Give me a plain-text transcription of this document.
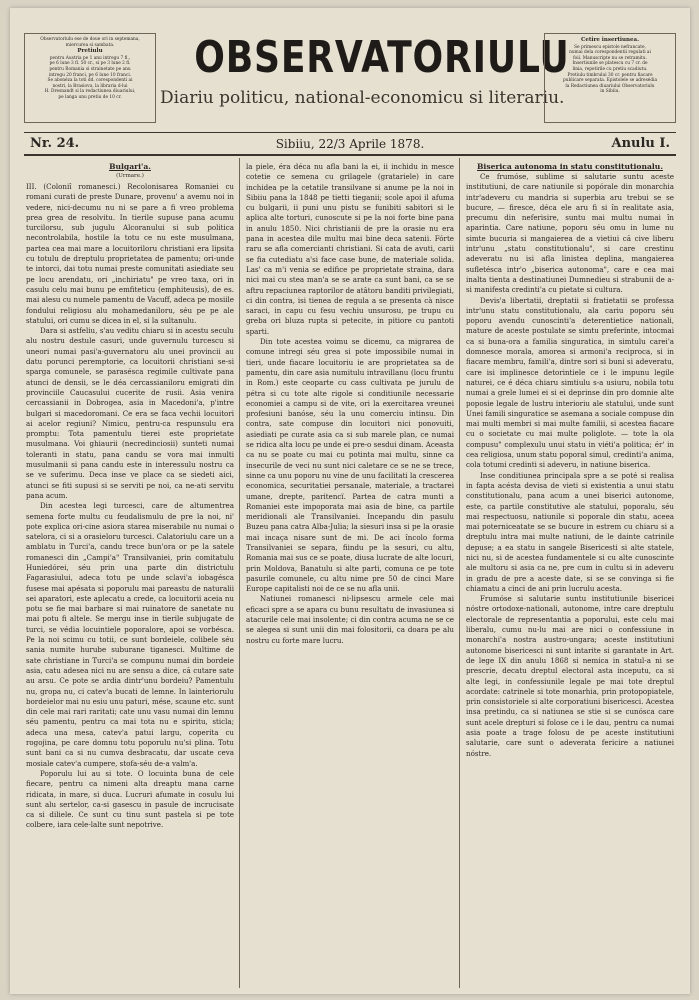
Observatoriulu ese de doue ori in septemana, miercurea si sambata.
Pretiulu
pentru Austria pe 1 anu intregu 7 fl.,
pe 6 lune 3 fl. 50 cr., si pe 3 lune 2 fl.
pentru Romania si strainetate pe anu
intregu 20 franci, pe 6 lune 10 franci.
Se abonéza la toti dd. corespondenti ai
nostri, la Brasiovu, la libraria d-lui
H. Dresnandt si la redactiunea diuariului,
pe langa unu pretiu de 10 cr.
OBSERVATORIULU
Diariu politicu, national-economicu si literariu.
Cetire insertiunea.
Se primescu epistole nefrancate,
numai dela corespondentii regulati ai
foii. Manuscripte nu se retramitu.
Insertiunile se platescu cu 7 cr. de
linia, repetirile cu pretiu scadiutu.
Pretiulu timbrului 30 cr. pentru fiacare
publicare separata. Epistolele se adresédia
la Redactiunea diuariului Observatoriulu
in Sibiiu.
Nr. 24.	Sibiiu, 22/3 Aprile 1878.	Anulu I.
Bulgari'a.
(Urmare.)

III. (Coloniî romanesci.) Recolonisarea Romaniei cu romani curati de preste Dunare, provenu' a avemu noi in vedere, nici-decumu nu ni se pare a fi vreo problema prea grea de resolvitu. In tierile supuse pana acumu turcilorsu, sub jugulu Alcoranului si sub politica necontrolabila, hostile la totu ce nu este musulmana, partea cea mai mare a locuitoriloru christiani era lipsita cu totulu de dreptulu proprietatea de pamentu; ori-unde te intorci, dai totu numai preste comunitati asiediate seu pe locu arendatu, ori „inchiriatu" pe vreo taxa, ori in casulu celu mai bunu pe emfiteticu (emphiteusis), de es. mai alesu cu numele pamentu de Vacuff, adeca pe mosiile fondului religiosu alu mohamedaniloru, séu pe pe ale statului, ori cumu se dicea in el, si la sultanulu.

Dara si astfeliu, s'au veditu chiaru si in acestu seculu alu nostru destule casuri, unde guvernulu turcescu si uneori numai pasi'a-guvernatoru alu unei provincii au datu porunci peremptorie, ca locuitorii christiani se-si sparga comunele, se parasésca regimile cultivate pana atunci de densii, se le déa cercassianiloru emigrati din provinciile Caucasului cucerite de rusii. Asia venira cercassianii in Dobrogea, asia in Macedoni'a, p'intre bulgari si macedoromani. Ce era se faca vechii locuitori ai acelor regiuni? Nimicu, pentru-ca respunsulu era promptu: Tota pamentulu tierei este proprietate musulmana. Voi ghiaurii (necredinciosii) sunteti numai toleranti in statu, pana candu se vora mai inmulti musulmanii si pana candu este in interessulu nostru ca se ve suferimu. Deca inse ve place ca se siedeti aici, atunci se fiti supusi si se serviti pe noi, ca ne-ati servitu pana acum.

Din acestea legi turcesci, care de altumentrea semena forte multu cu feudalismulu de pre la noi, ni' pote explica ori-cine asiora starea miserabile nu numai o satelora, ci si a orasieloru turcesci. Calatoriulu care un a amblatu in Turci'a, candu trece bun'ora or pe la satele romanesci din „Campi'a" Transilvaniei, prin comitatulu Huniedórei, séu prin una parte din districtulu Fagarasiului, adeca totu pe unde sclavi'a iobagésca fusese mai apésata si poporulu mai pareastu de naturalii sei aparatori, este aplecatu a crede, ca locuitorii aceia nu potu se fie mai barbare si mai ruinatore de sanetate nu mai potu fi altele. Se mergu inse in tierile subjugate de turci, se védia locuintiele poporalore, apoi se vorbésca. Pe la noi scimu cu totii, ce sunt bordeiele, colibele séu sania numite hurube suburane tiganesci. Multime de sate christiane in Turci'a se compunu numai din bordeie asia, catu adesea nici nu are sensu a dice, că cutare sate au arsu. Ce pote se ardia dintr'unu bordeiu? Pamentulu nu, gropa nu, ci catev'a bucati de lemne. In lainteriorulu bordeielor mai nu esiu unu paturi, mése, scaune etc. sunt din cele mai rari raritati; cate unu vasu numai din lemnu séu pamentu, pentru ca mai tota nu e spiritu, sticla; adeca una mesa, catev'a patui largu, coperita cu rogojina, pe care domnu totu poporulu nu'si plina. Totu sunt bani ca si nu cumva desbracatu, dar uscate ceva mosiale catev'a cumpere, stofa-séu de-a valm'a.

Poporulu lui au si tote. O locuinta buna de cele fiecare, pentru ca nimeni alta dreaptu mana carne ridicata, in mare, si duca. Lucruri afumate in cosulu lui sunt alu sertelor, ca-si gasescu in pasule de incrucisate ca si diliele. Ce sunt cu tinu sunt pastela si pe tote colbere, iara cele-lalte sunt nepotrive.

la piele, éra déca nu afla bani la ei, ii inchidu in mesce cotetie ce semena cu grilagele (gratariele) in care inchidea pe la cetatile transilvane si anume pe la noi in Sibiiu pana la 1848 pe tietti tieganii; scole apoi il afuma cu bulgarii, ii puni unu pistu se funibiti sabitori si le aplica alte torturi, cunoscute si pe la noi forte bine pana in anulu 1850. Nici christianii de pre la orasie nu era pana in acestea dile multu mai bine deca satenii. Fórte raru se afla comercianti christiani. Si cata de avuti, carii se fia cutediatu a'si face case bune, de materiale solida. Las' ca m'i venia se edifice pe proprietate straina, dara nici mai cu stea man'a se se arate ca sunt bani, ca se se aftru repaciunea raptorilor de atâtoru banditi privilegiati, ci din contra, isi tienea de regula a se presenta cà nisce saraci, in capu cu fesu vechiu unsurosu, pe trupu cu greba ori bluza rupta si petecite, in pitiore cu pantoti sparti.

Din tote acestea voimu se dicemu, ca migrarea de comune intregi séu grea si pote impossibile numai in tieri, unde fiacare locuitoriu ie are proprietatea sa de pamentu, din care asia numitulu intravillanu (locu fruntu in Rom.) este ceoparte cu cass cultivata pe jurulu de pétra si cu tote alte rigole si conditiunile necessarie economiei a campu si de vite, ori la exercitarea vreunei profesiuni banóse, séu la unu comerciu intinsu. Din contra, sate compuse din locuitori nici ponovuiti, asiediati pe curate asia ca si sub marele plan, ce numai se ridica alta locu pe unde ei pre-o sesdui dinam. Aceasta ca nu se poate cu mai cu potinta mai multu, sinne ca insecurile de veci nu sunt nici caletare ce se ne se trece, sinne ca unu poporu nu vine de unu facilitati la crescerea economica, securitatiei persanale, materiale, a tractarei umane, drepte, paritencï. Partea de catra munti a Romaniei este impoporata mai asia de bine, ca partile meridionali ale Transilvaniei. Incepandu din pasulu Buzeu pana catra Alba-Julia; la siesuri insa si pe la orasie mai incaça nisare sunt de mi. De aci încolo forma Transilvaniei se separa, fiindu pe la sesuri, cu altu, Romania mai sus ce se poate, diusa lucrate de alte locuri, prin Moldova, Banatulu si alte parti, comuna ce pe tote pasurile comunele, cu altu nime pre 50 de cinci Mare Europe capitalisti noi de ce se nu afla unii.

Natiunei romanesci ni-lipsescu armele cele mai eficaci spre a se apara cu bunu resultatu de invasiunea si atacurile cele mai insolente; ci din contra acuma ne se ce se alegea si sunt unii din mai folositorii, ca doara pe alu nostru cu forte mare lucru.

Biserica autonoma in statu constitutionalu.

Ce frumóse, sublime si salutarie suntu aceste institutiuni, de care natiunile si popórale din monarchia intr'adeveru cu mandria si superbia aru trebui se se bucure, — firesce, déca ele aru fi si în realitate asia, precumu din neferisire, suntu mai multu numai în aparintia. Care natiune, poporu séu omu in lume nu simte bucuria si mangaierea de a vietiui că cive liberu intr'unu „statu constitutionalu", si care crestinu adeveratu nu isi afla linistea deplina, mangaierea sufletésca intr'o „biserica autonoma", care e cea mai inalta tienta a destinatiunei Dumnedieu si strabunii de a-si manifesta credinti'a cu pietate si cultura.

Devis'a libertatii, dreptatii si fratietatii se professa intr'unu statu constitutionalu, ala cariu poporu séu poporu avendu cunoscinti'a deterentietice nationali, mature de aceste postulate se simtu preferinte, intocmai ca si buna-ora a familia singuratica, in simtulu carei'a domnesce morala, amorea si armoni'a reciproca, si in fiacare membru, famili'a, dintre sori si buni si adeveratu, care isi implinesce detorintiele ce i le impunu legile naturei, ce é déca chiaru simtiulu s-a usiuru, nobila totu numai a grele lumei ei si ei deprinse din pro domnie alte poposie legale de lustru interioriu ale statului, unde sunt Unei famili singuratice se asemana a sociale compuse din mai multi membri si mai multe familii, si acestea fiacare cu o societate cu mai multe poliglote. — tote la ola compusu" complexulu unui statu in viéti'a politica; ér' in cea religiosa, unum statu poporal simul, credinti'a anima, cola totumi credinti si adeveru, in natiune biserica.

Inse conditiunea principala spre a se poté si realisa in fapta acésta devisa de vieti si existentia a unui statu constitutionalu, pana acum a unei biserici autonome, este, ca partile constitutive ale statului, poporalu, séu mai respectuosu, natiunile si poporale din statu, aceea mai poterniceatate se se bucure in estrem cu chiaru si a dreptulu intra mai multe natiuni, de le dainte catrinile depuse; a ea statu in sangele Bisericesti si alte statele, nici nu, si de acestea fundamentele si cu alte cunoscinte ale multoru si asia ca ne, pre cum in cultu si in adeveru in gradu de pre a aceste date, si se se convinga si fie chiamatu a cinci de ani prin lucrulu acesta.

Frumóse si salutarie suntu institutiunile bisericei nóstre ortodoxe-nationali, autonome, intre care dreptulu electorale de representantia a poporului, este celu mai liberalu, cumu nu-lu mai are nici o confessiune in monarchi'a nostra austro-ungara; aceste institutiuni autonome bisericesci ni sunt intarite si garantate in Art. de lege IX din anulu 1868 si nemica in statul-a ni se prescrie, decatu dreptul electoral asta inceputu, ca si alte legi, in confessiunile legale pe mai tote dreptul acordate: catrinele si tote monarhia, prin protopopiatele, prin consistoriele si alte corporatiuni bisericesci. Acestea insa pretindu, ca si natiunea se stie si se cunósca care sunt acele drepturi si folose ce i le dau, pentru ca numai asia poate a trage folosu de pe aceste institutiuni salutarie, care sunt o adeverata fericire a natiunei nóstre.
